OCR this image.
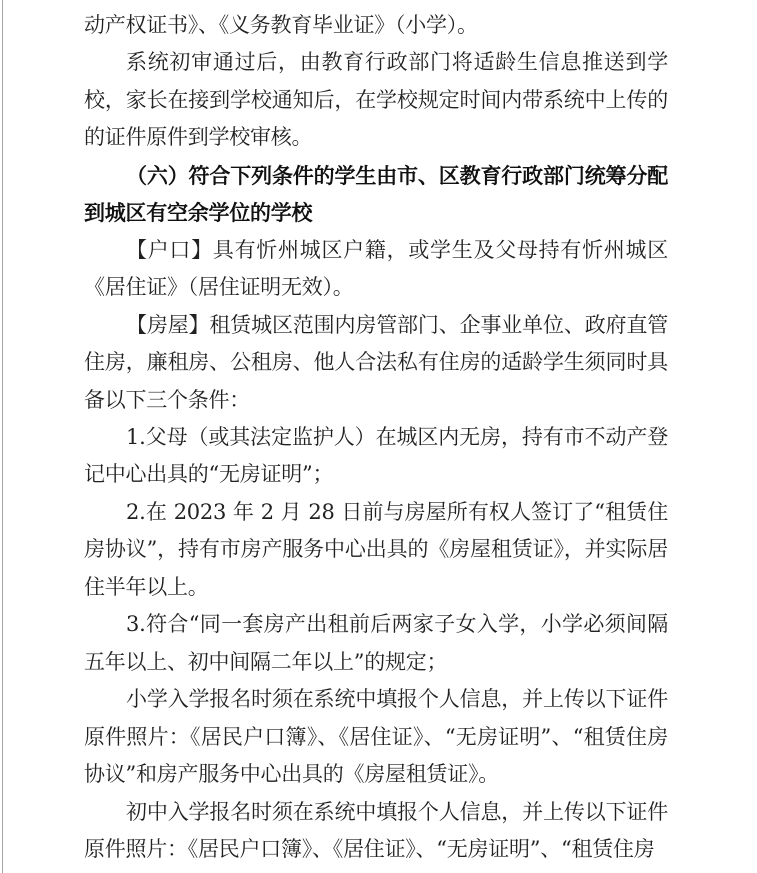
动产权证书》、《义务教育毕业证》（小学）。

系统初审通过后，由教育行政部门将适龄生信息推送到学校，家长在接到学校通知后，在学校规定时间内带系统中上传的的证件原件到学校审核。

（六）符合下列条件的学生由市、区教育行政部门统筹分配到城区有空余学位的学校

【户口】具有忻州城区户籍，或学生及父母持有忻州城区《居住证》（居住证明无效）。

【房屋】租赁城区范围内房管部门、企事业单位、政府直管住房，廉租房、公租房、他人合法私有住房的适龄学生须同时具备以下三个条件：

1.父母（或其法定监护人）在城区内无房，持有市不动产登记中心出具的“无房证明”；

2.在 2023 年 2 月 28 日前与房屋所有权人签订了“租赁住房协议”，持有市房产服务中心出具的《房屋租赁证》，并实际居住半年以上。

3.符合“同一套房产出租前后两家子女入学，小学必须间隔五年以上、初中间隔二年以上”的规定；

小学入学报名时须在系统中填报个人信息，并上传以下证件原件照片：《居民户口簿》、《居住证》、“无房证明”、“租赁住房协议”和房产服务中心出具的《房屋租赁证》。

初中入学报名时须在系统中填报个人信息，并上传以下证件原件照片：《居民户口簿》、《居住证》、“无房证明”、“租赁住房
